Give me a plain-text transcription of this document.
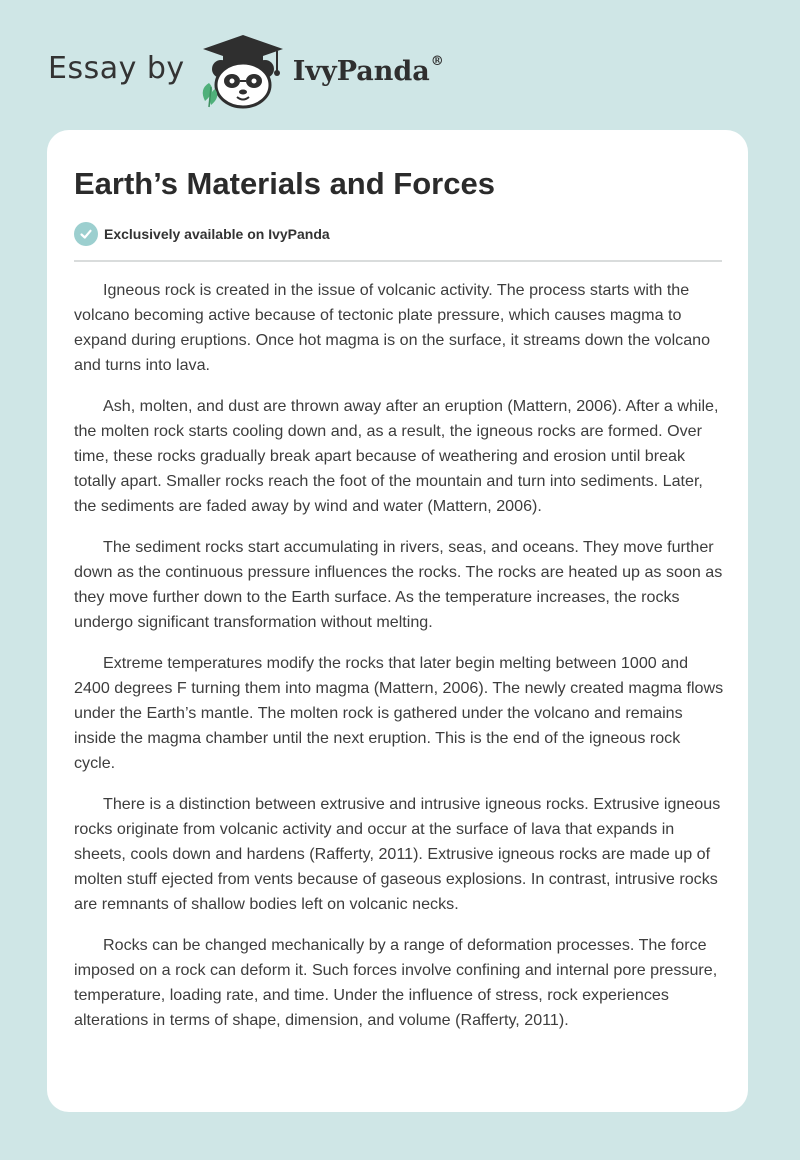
Essay by	IvyPanda®
Earth’s Materials and Forces
Exclusively available on IvyPanda

Igneous rock is created in the issue of volcanic activity. The process starts with the volcano becoming active because of tectonic plate pressure, which causes magma to expand during eruptions. Once hot magma is on the surface, it streams down the volcano and turns into lava.

Ash, molten, and dust are thrown away after an eruption (Mattern, 2006). After a while, the molten rock starts cooling down and, as a result, the igneous rocks are formed. Over time, these rocks gradually break apart because of weathering and erosion until break totally apart. Smaller rocks reach the foot of the mountain and turn into sediments. Later, the sediments are faded away by wind and water (Mattern, 2006).

The sediment rocks start accumulating in rivers, seas, and oceans. They move further down as the continuous pressure influences the rocks. The rocks are heated up as soon as they move further down to the Earth surface. As the temperature increases, the rocks undergo significant transformation without melting.

Extreme temperatures modify the rocks that later begin melting between 1000 and 2400 degrees F turning them into magma (Mattern, 2006). The newly created magma flows under the Earth’s mantle. The molten rock is gathered under the volcano and remains inside the magma chamber until the next eruption. This is the end of the igneous rock cycle.

There is a distinction between extrusive and intrusive igneous rocks. Extrusive igneous rocks originate from volcanic activity and occur at the surface of lava that expands in sheets, cools down and hardens (Rafferty, 2011). Extrusive igneous rocks are made up of molten stuff ejected from vents because of gaseous explosions. In contrast, intrusive rocks are remnants of shallow bodies left on volcanic necks.

Rocks can be changed mechanically by a range of deformation processes. The force imposed on a rock can deform it. Such forces involve confining and internal pore pressure, temperature, loading rate, and time. Under the influence of stress, rock experiences alterations in terms of shape, dimension, and volume (Rafferty, 2011).
